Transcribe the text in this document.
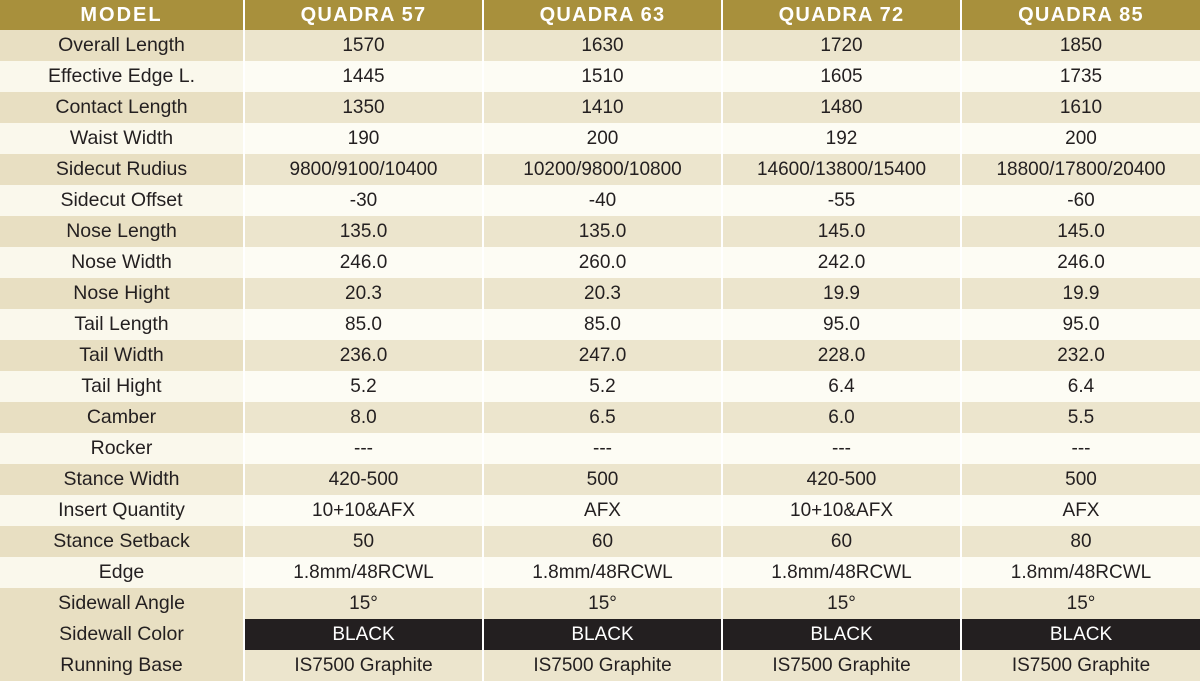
MODEL	QUADRA 57	QUADRA 63	QUADRA 72	QUADRA 85
Overall Length	1570	1630	1720	1850
Effective Edge L.	1445	1510	1605	1735
Contact Length	1350	1410	1480	1610
Waist Width	190	200	192	200
Sidecut Rudius	9800/9100/10400	10200/9800/10800	14600/13800/15400	18800/17800/20400
Sidecut Offset	-30	-40	-55	-60
Nose Length	135.0	135.0	145.0	145.0
Nose Width	246.0	260.0	242.0	246.0
Nose Hight	20.3	20.3	19.9	19.9
Tail Length	85.0	85.0	95.0	95.0
Tail Width	236.0	247.0	228.0	232.0
Tail Hight	5.2	5.2	6.4	6.4
Camber	8.0	6.5	6.0	5.5
Rocker	---	---	---	---
Stance Width	420-500	500	420-500	500
Insert Quantity	10+10&AFX	AFX	10+10&AFX	AFX
Stance Setback	50	60	60	80
Edge	1.8mm/48RCWL	1.8mm/48RCWL	1.8mm/48RCWL	1.8mm/48RCWL
Sidewall Angle	15°	15°	15°	15°
Sidewall Color	BLACK	BLACK	BLACK	BLACK
Running Base	IS7500 Graphite	IS7500 Graphite	IS7500 Graphite	IS7500 Graphite
